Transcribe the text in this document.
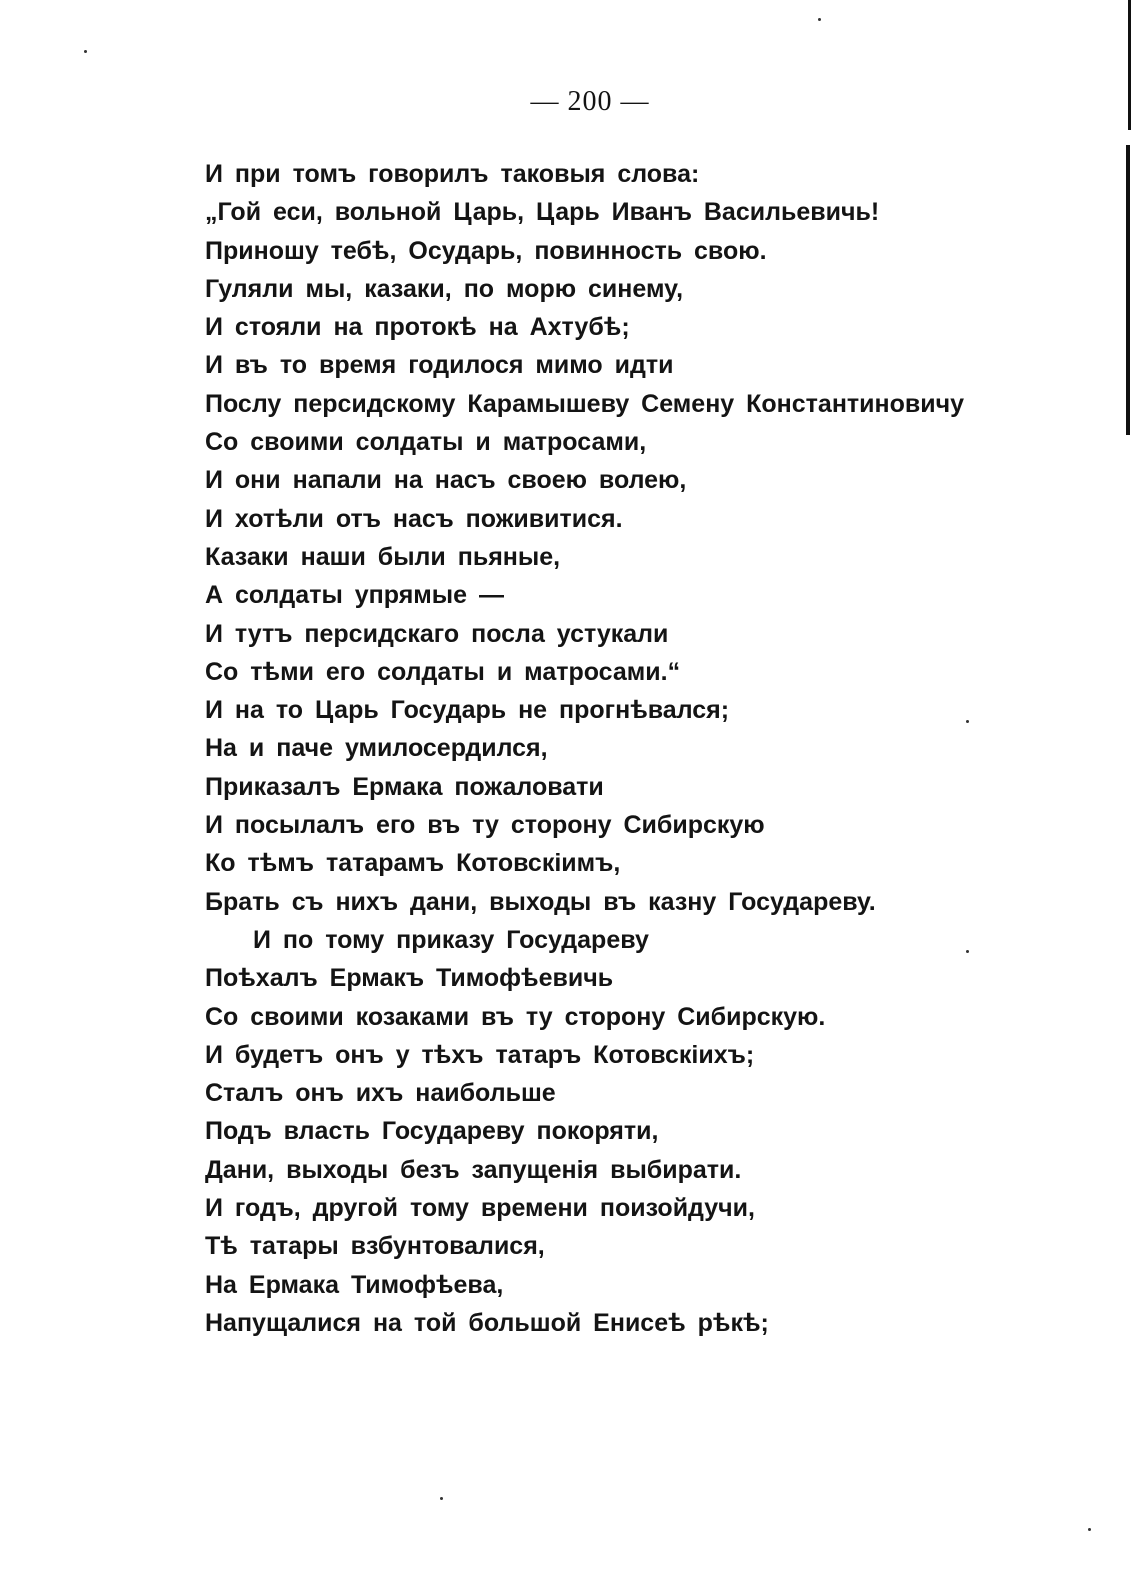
— 200 —
И при томъ говорилъ таковыя слова:
„Гой еси, вольной Царь, Царь Иванъ Васильевичь!
Приношу тебѣ, Осударь, повинность свою.
Гуляли мы, казаки, по морю синему,
И стояли на протокѣ на Ахтубѣ;
И въ то время годилося мимо идти
Послу персидскому Карамышеву Семену Константиновичу
Со своими солдаты и матросами,
И они напали на насъ своею волею,
И хотѣли отъ насъ поживитися.
Казаки наши были пьяные,
А солдаты упрямые —
И тутъ персидскаго посла устукали
Со тѣми его солдаты и матросами.“
И на то Царь Государь не прогнѣвался;
На и паче умилосердился,
Приказалъ Ермака пожаловати
И посылалъ его въ ту сторону Сибирскую
Ко тѣмъ татарамъ Котовскіимъ,
Брать съ нихъ дани, выходы въ казну Государеву.
И по тому приказу Государеву
Поѣхалъ Ермакъ Тимофѣевичь
Со своими козаками въ ту сторону Сибирскую.
И будетъ онъ у тѣхъ татаръ Котовскіихъ;
Сталъ онъ ихъ наибольше
Подъ власть Государеву покоряти,
Дани, выходы безъ запущенія выбирати.
И годъ, другой тому времени поизойдучи,
Тѣ татары взбунтовалися,
На Ермака Тимофѣева,
Напущалися на той большой Енисеѣ рѣкѣ;
